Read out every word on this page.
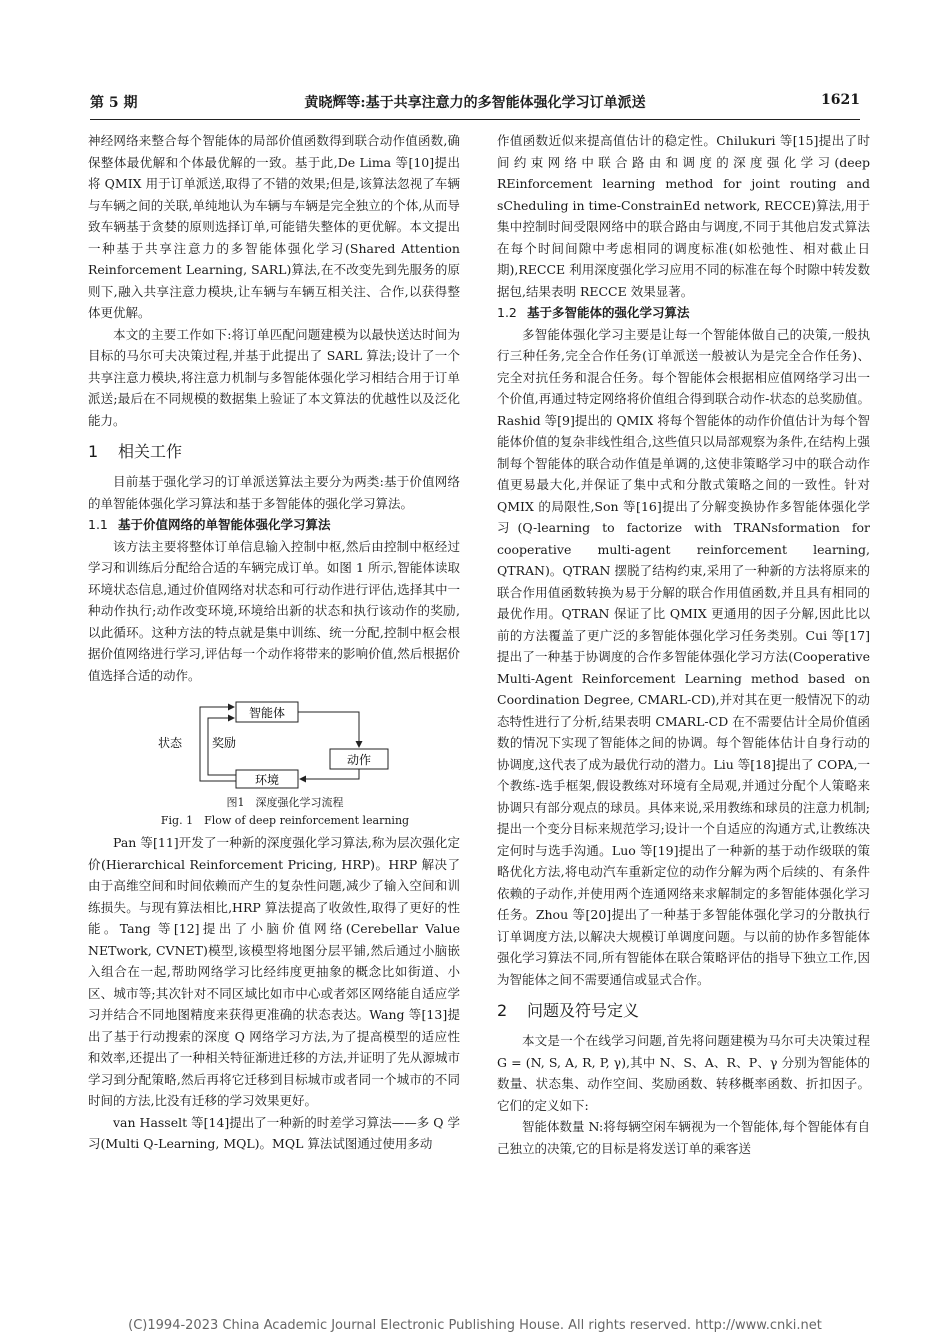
第 5 期	黄晓辉等:基于共享注意力的多智能体强化学习订单派送	1621

神经网络来整合每个智能体的局部价值函数得到联合动作值函数,确保整体最优解和个体最优解的一致。基于此,De Lima 等[10]提出将 QMIX 用于订单派送,取得了不错的效果;但是,该算法忽视了车辆与车辆之间的关联,单纯地认为车辆与车辆是完全独立的个体,从而导致车辆基于贪婪的原则选择订单,可能错失整体的更优解。本文提出一种基于共享注意力的多智能体强化学习(Shared Attention Reinforcement Learning, SARL)算法,在不改变先到先服务的原则下,融入共享注意力模块,让车辆与车辆互相关注、合作,以获得整体更优解。

本文的主要工作如下:将订单匹配问题建模为以最快送达时间为目标的马尔可夫决策过程,并基于此提出了 SARL 算法;设计了一个共享注意力模块,将注意力机制与多智能体强化学习相结合用于订单派送;最后在不同规模的数据集上验证了本文算法的优越性以及泛化能力。

1 相关工作

目前基于强化学习的订单派送算法主要分为两类:基于价值网络的单智能体强化学习算法和基于多智能体的强化学习算法。

1.1 基于价值网络的单智能体强化学习算法

该方法主要将整体订单信息输入控制中枢,然后由控制中枢经过学习和训练后分配给合适的车辆完成订单。如图 1 所示,智能体读取环境状态信息,通过价值网络对状态和可行动作进行评估,选择其中一种动作执行;动作改变环境,环境给出新的状态和执行该动作的奖励,以此循环。这种方法的特点就是集中训练、统一分配,控制中枢会根据价值网络进行学习,评估每一个动作将带来的影响价值,然后根据价值选择合适的动作。

智能体
动作
环境
状态 奖励

图1　深度强化学习流程

Fig. 1　Flow of deep reinforcement learning

Pan 等[11]开发了一种新的深度强化学习算法,称为层次强化定价(Hierarchical Reinforcement Pricing, HRP)。HRP 解决了由于高维空间和时间依赖而产生的复杂性问题,减少了输入空间和训练损失。与现有算法相比,HRP 算法提高了收敛性,取得了更好的性能。Tang 等[12]提出了小脑价值网络(Cerebellar Value NETwork, CVNET)模型,该模型将地图分层平铺,然后通过小脑嵌入组合在一起,帮助网络学习比经纬度更抽象的概念比如街道、小区、城市等;其次针对不同区域比如市中心或者郊区网络能自适应学习并结合不同地图精度来获得更准确的状态表达。Wang 等[13]提出了基于行动搜索的深度 Q 网络学习方法,为了提高模型的适应性和效率,还提出了一种相关特征渐进迁移的方法,并证明了先从源城市学习到分配策略,然后再将它迁移到目标城市或者同一个城市的不同时间的方法,比没有迁移的学习效果更好。

van Hasselt 等[14]提出了一种新的时差学习算法——多 Q 学习(Multi Q-Learning, MQL)。MQL 算法试图通过使用多动

作值函数近似来提高值估计的稳定性。Chilukuri 等[15]提出了时间约束网络中联合路由和调度的深度强化学习(deep REinforcement learning method for joint routing and sCheduling in time-ConstrainEd network, RECCE)算法,用于集中控制时间受限网络中的联合路由与调度,不同于其他启发式算法在每个时间间隙中考虑相同的调度标准(如松弛性、相对截止日期),RECCE 利用深度强化学习应用不同的标准在每个时隙中转发数据包,结果表明 RECCE 效果显著。

1.2 基于多智能体的强化学习算法

多智能体强化学习主要是让每一个智能体做自己的决策,一般执行三种任务,完全合作任务(订单派送一般被认为是完全合作任务)、完全对抗任务和混合任务。每个智能体会根据相应值网络学习出一个价值,再通过特定网络将价值组合得到联合动作-状态的总奖励值。Rashid 等[9]提出的 QMIX 将每个智能体的动作价值估计为每个智能体价值的复杂非线性组合,这些值只以局部观察为条件,在结构上强制每个智能体的联合动作值是单调的,这使非策略学习中的联合动作值更易最大化,并保证了集中式和分散式策略之间的一致性。针对 QMIX 的局限性,Son 等[16]提出了分解变换协作多智能体强化学习(Q-learning to factorize with TRANsformation for cooperative multi-agent reinforcement learning, QTRAN)。QTRAN 摆脱了结构约束,采用了一种新的方法将原来的联合作用值函数转换为易于分解的联合作用值函数,并且具有相同的最优作用。QTRAN 保证了比 QMIX 更通用的因子分解,因此比以前的方法覆盖了更广泛的多智能体强化学习任务类别。Cui 等[17]提出了一种基于协调度的合作多智能体强化学习方法(Cooperative Multi-Agent Reinforcement Learning method based on Coordination Degree, CMARL-CD),并对其在更一般情况下的动态特性进行了分析,结果表明 CMARL-CD 在不需要估计全局价值函数的情况下实现了智能体之间的协调。每个智能体估计自身行动的协调度,这代表了成为最优行动的潜力。Liu 等[18]提出了 COPA,一个教练-选手框架,假设教练对环境有全局观,并通过分配个人策略来协调只有部分观点的球员。具体来说,采用教练和球员的注意力机制;提出一个变分目标来规范学习;设计一个自适应的沟通方式,让教练决定何时与选手沟通。Luo 等[19]提出了一种新的基于动作级联的策略优化方法,将电动汽车重新定位的动作分解为两个后续的、有条件依赖的子动作,并使用两个连通网络来求解制定的多智能体强化学习任务。Zhou 等[20]提出了一种基于多智能体强化学习的分散执行订单调度方法,以解决大规模订单调度问题。与以前的协作多智能体强化学习算法不同,所有智能体在联合策略评估的指导下独立工作,因为智能体之间不需要通信或显式合作。

2 问题及符号定义

本文是一个在线学习问题,首先将问题建模为马尔可夫决策过程 G = (N, S, A, R, P, γ),其中 N、S、A、R、P、γ 分别为智能体的数量、状态集、动作空间、奖励函数、转移概率函数、折扣因子。它们的定义如下:

智能体数量 N:将每辆空闲车辆视为一个智能体,每个智能体有自己独立的决策,它的目标是将发送订单的乘客送

(C)1994-2023 China Academic Journal Electronic Publishing House. All rights reserved. http://www.cnki.net
